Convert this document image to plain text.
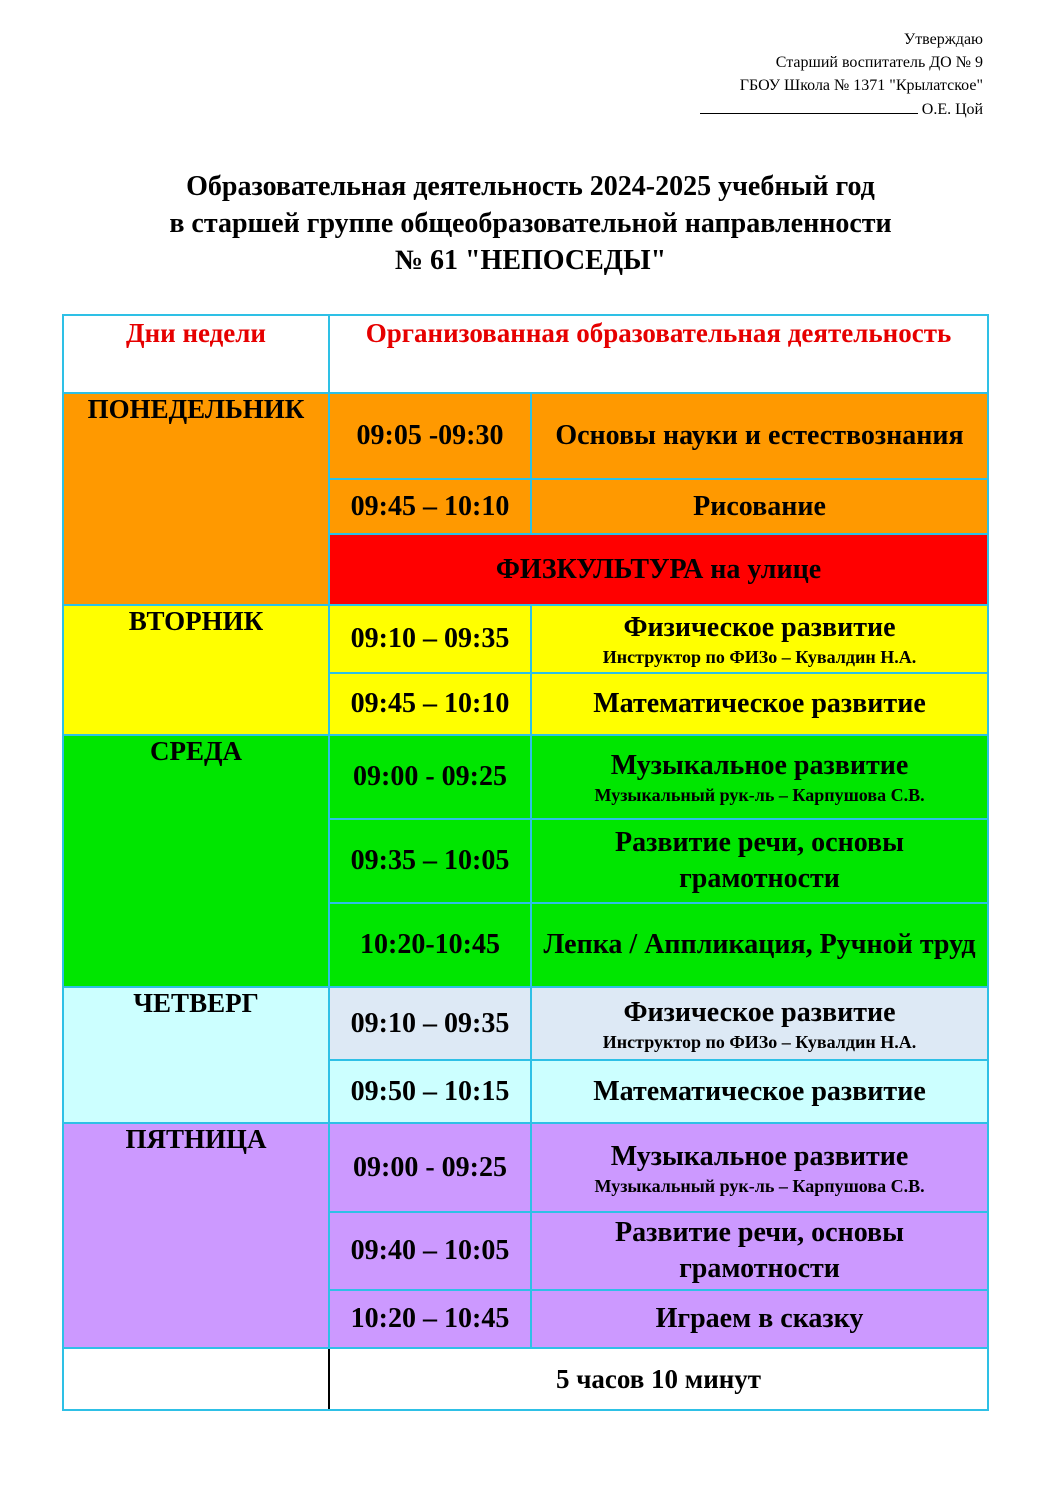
Утверждаю
Старший воспитатель ДО № 9
ГБОУ Школа № 1371 "Крылатское"
О.Е. Цой
Образовательная деятельность 2024-2025 учебный год
в старшей группе общеобразовательной направленности
№ 61 "НЕПОСЕДЫ"
Дни недели	Организованная образовательная деятельность	
ПОНЕДЕЛЬНИК	09:05 -09:30	Основы науки и естествознания
	09:45 – 10:10	Рисование
	ФИЗКУЛЬТУРА на улице	
ВТОРНИК	09:10 – 09:35	Физическое развитие
Инструктор по ФИЗо – Кувалдин Н.А.

	09:45 – 10:10	Математическое развитие
СРЕДА	09:00 - 09:25	Музыкальное развитие
Музыкальный рук-ль – Карпушова С.В.

	09:35 – 10:05	Развитие речи, основы грамотности
	10:20-10:45	Лепка / Аппликация, Ручной труд
ЧЕТВЕРГ	09:10 – 09:35	Физическое развитие
Инструктор по ФИЗо – Кувалдин Н.А.

	09:50 – 10:15	Математическое развитие
ПЯТНИЦА	09:00 - 09:25	Музыкальное развитие
Музыкальный рук-ль – Карпушова С.В.

	09:40 – 10:05	Развитие речи, основы грамотности
	10:20 – 10:45	Играем в сказку
	5 часов 10 минут	
